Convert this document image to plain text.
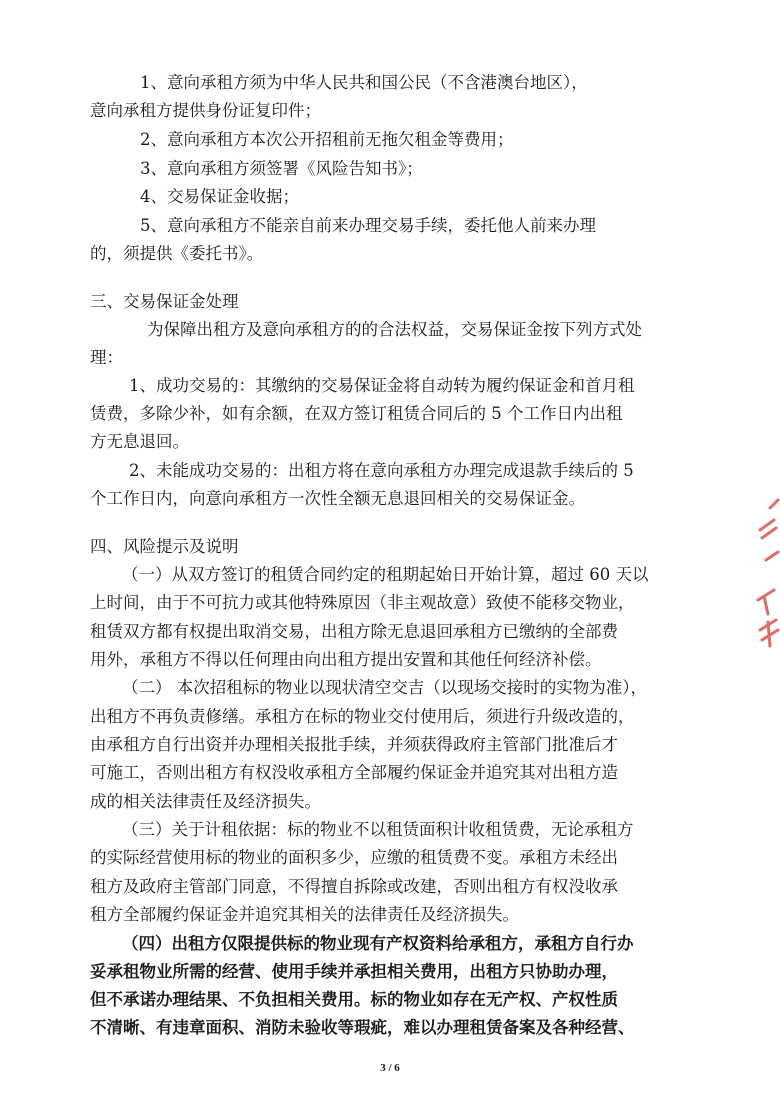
1、意向承租方须为中华人民共和国公民（不含港澳台地区），
意向承租方提供身份证复印件；
2、意向承租方本次公开招租前无拖欠租金等费用；
3、意向承租方须签署《风险告知书》；
4、交易保证金收据；
5、意向承租方不能亲自前来办理交易手续，委托他人前来办理
的，须提供《委托书》。
三、交易保证金处理
为保障出租方及意向承租方的的合法权益，交易保证金按下列方式处
理：
1、成功交易的：其缴纳的交易保证金将自动转为履约保证金和首月租
赁费，多除少补，如有余额，在双方签订租赁合同后的 5 个工作日内出租
方无息退回。
2、未能成功交易的：出租方将在意向承租方办理完成退款手续后的 5
个工作日内，向意向承租方一次性全额无息退回相关的交易保证金。
四、风险提示及说明
（一）从双方签订的租赁合同约定的租期起始日开始计算，超过 60 天以
上时间，由于不可抗力或其他特殊原因（非主观故意）致使不能移交物业，
租赁双方都有权提出取消交易，出租方除无息退回承租方已缴纳的全部费
用外，承租方不得以任何理由向出租方提出安置和其他任何经济补偿。
（二） 本次招租标的物业以现状清空交吉（以现场交接时的实物为准），
出租方不再负责修缮。承租方在标的物业交付使用后，须进行升级改造的，
由承租方自行出资并办理相关报批手续，并须获得政府主管部门批准后才
可施工，否则出租方有权没收承租方全部履约保证金并追究其对出租方造
成的相关法律责任及经济损失。
（三）关于计租依据：标的物业不以租赁面积计收租赁费，无论承租方
的实际经营使用标的物业的面积多少，应缴的租赁费不变。承租方未经出
租方及政府主管部门同意，不得擅自拆除或改建，否则出租方有权没收承
租方全部履约保证金并追究其相关的法律责任及经济损失。
（四）出租方仅限提供标的物业现有产权资料给承租方，承租方自行办
妥承租物业所需的经营、使用手续并承担相关费用，出租方只协助办理，
但不承诺办理结果、不负担相关费用。标的物业如存在无产权、产权性质
不清晰、有违章面积、消防未验收等瑕疵，难以办理租赁备案及各种经营、
3 / 6
